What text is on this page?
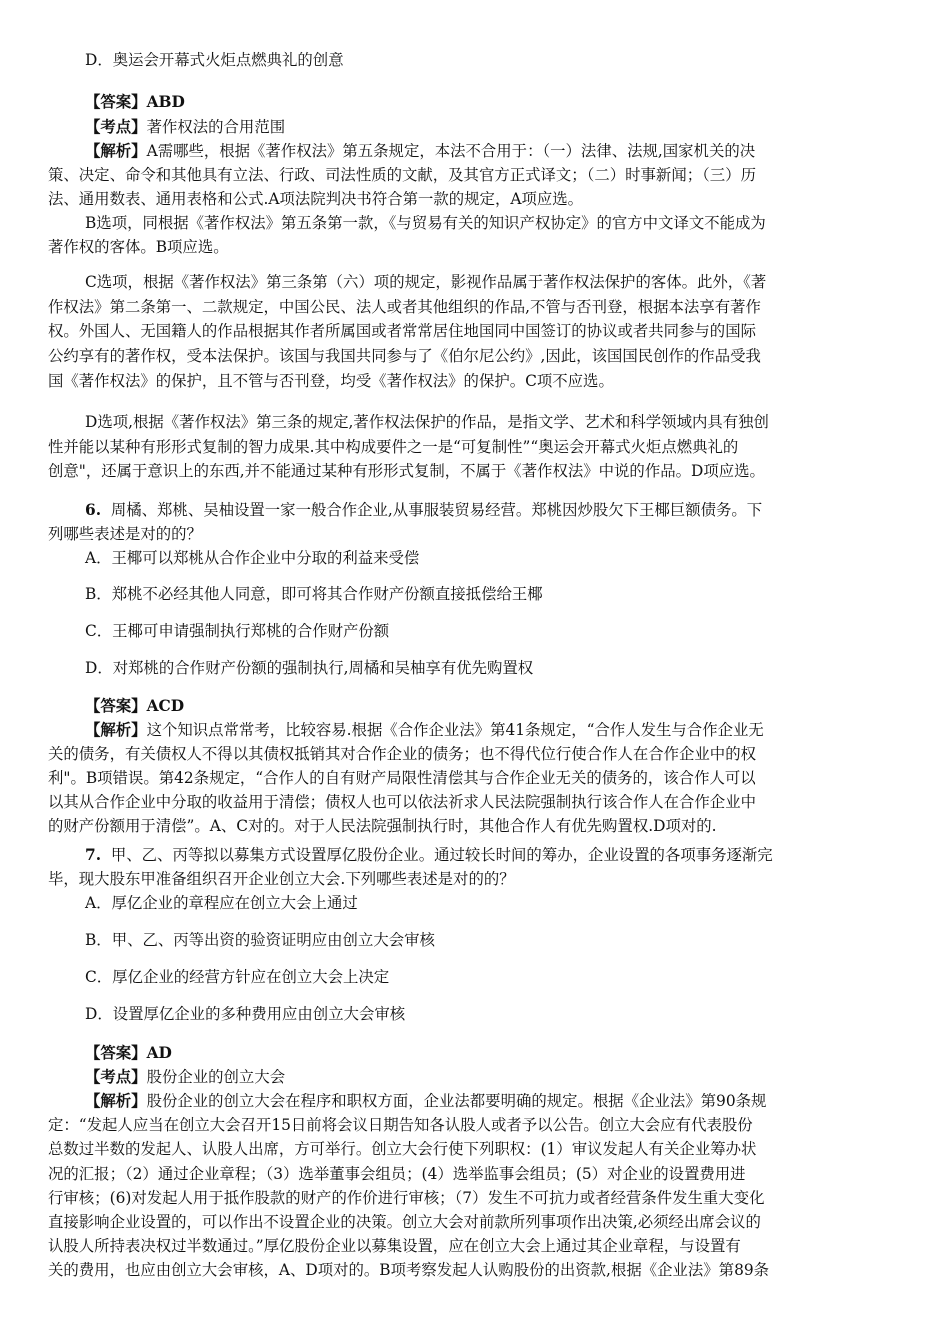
D．奥运会开幕式火炬点燃典礼的创意
【答案】ABD
【考点】著作权法的合用范围
【解析】A需哪些，根据《著作权法》第五条规定，本法不合用于：（一）法律、法规,国家机关的决
策、决定、命令和其他具有立法、行政、司法性质的文献，及其官方正式译文；（二）时事新闻；（三）历
法、通用数表、通用表格和公式.A项法院判决书符合第一款的规定，A项应选。
B选项，同根据《著作权法》第五条第一款，《与贸易有关的知识产权协定》的官方中文译文不能成为
著作权的客体。B项应选。
C选项，根据《著作权法》第三条第（六）项的规定，影视作品属于著作权法保护的客体。此外，《著
作权法》第二条第一、二款规定，中国公民、法人或者其他组织的作品,不管与否刊登，根据本法享有著作
权。外国人、无国籍人的作品根据其作者所属国或者常常居住地国同中国签订的协议或者共同参与的国际
公约享有的著作权，受本法保护。该国与我国共同参与了《伯尔尼公约》,因此，该国国民创作的作品受我
国《著作权法》的保护，且不管与否刊登，均受《著作权法》的保护。C项不应选。
D选项,根据《著作权法》第三条的规定,著作权法保护的作品，是指文学、艺术和科学领域内具有独创
性并能以某种有形形式复制的智力成果.其中构成要件之一是“可复制性”“奥运会开幕式火炬点燃典礼的
创意"，还属于意识上的东西,并不能通过某种有形形式复制，不属于《著作权法》中说的作品。D项应选。
6. 周橘、郑桃、吴柚设置一家一般合作企业,从事服装贸易经营。郑桃因炒股欠下王椰巨额债务。下
列哪些表述是对的的？
A．王椰可以郑桃从合作企业中分取的利益来受偿
B．郑桃不必经其他人同意，即可将其合作财产份额直接抵偿给王椰
C．王椰可申请强制执行郑桃的合作财产份额
D．对郑桃的合作财产份额的强制执行,周橘和吴柚享有优先购置权
【答案】ACD
【解析】这个知识点常常考，比较容易.根据《合作企业法》第41条规定，“合作人发生与合作企业无
关的债务，有关债权人不得以其债权抵销其对合作企业的债务；也不得代位行使合作人在合作企业中的权
利"。B项错误。第42条规定，“合作人的自有财产局限性清偿其与合作企业无关的债务的，该合作人可以
以其从合作企业中分取的收益用于清偿；债权人也可以依法祈求人民法院强制执行该合作人在合作企业中
的财产份额用于清偿”。A、C对的。对于人民法院强制执行时，其他合作人有优先购置权.D项对的.
7. 甲、乙、丙等拟以募集方式设置厚亿股份企业。通过较长时间的筹办，企业设置的各项事务逐渐完
毕，现大股东甲准备组织召开企业创立大会.下列哪些表述是对的的？
A．厚亿企业的章程应在创立大会上通过
B．甲、乙、丙等出资的验资证明应由创立大会审核
C．厚亿企业的经营方针应在创立大会上决定
D．设置厚亿企业的多种费用应由创立大会审核
【答案】AD
【考点】股份企业的创立大会
【解析】股份企业的创立大会在程序和职权方面，企业法都要明确的规定。根据《企业法》第90条规
定：“发起人应当在创立大会召开15日前将会议日期告知各认股人或者予以公告。创立大会应有代表股份
总数过半数的发起人、认股人出席，方可举行。创立大会行使下列职权：(1）审议发起人有关企业筹办状
况的汇报；（2）通过企业章程；（3）选举董事会组员；(4）选举监事会组员；(5）对企业的设置费用进
行审核；(6)对发起人用于抵作股款的财产的作价进行审核；（7）发生不可抗力或者经营条件发生重大变化
直接影响企业设置的，可以作出不设置企业的决策。创立大会对前款所列事项作出决策,必须经出席会议的
认股人所持表决权过半数通过。”厚亿股份企业以募集设置，应在创立大会上通过其企业章程，与设置有
关的费用，也应由创立大会审核，A、D项对的。B项考察发起人认购股份的出资款,根据《企业法》第89条
